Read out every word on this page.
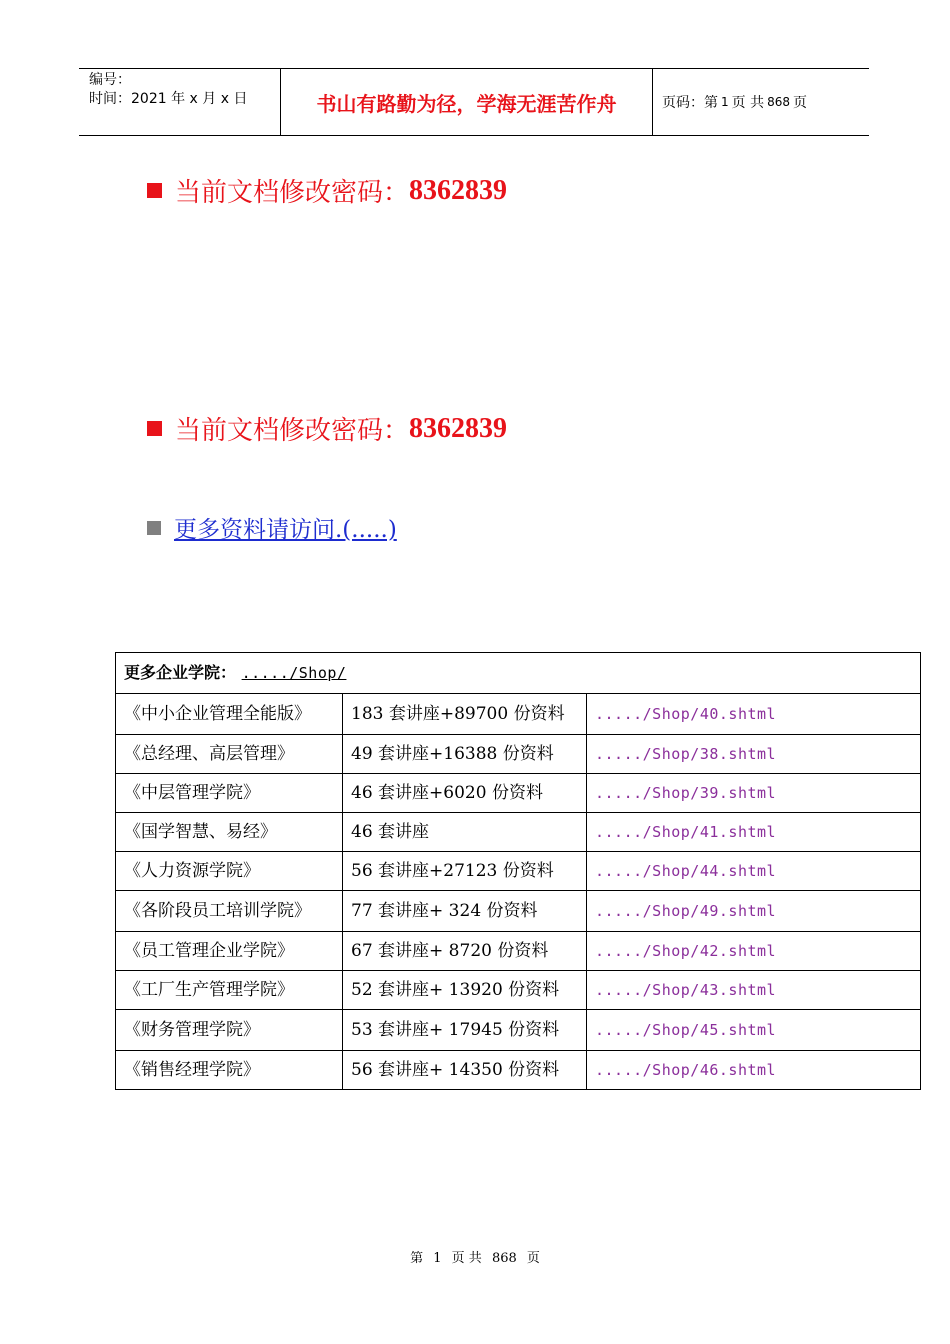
编号：
时间：2021 年 x 月 x 日	书山有路勤为径，学海无涯苦作舟	页码：第 1 页 共 868 页
当前文档修改密码： 8362839
当前文档修改密码： 8362839
更多资料请访问.(.....)
更多企业学院： ...../Shop/		
《中小企业管理全能版》	183 套讲座+89700 份资料	...../Shop/40.shtml
《总经理、高层管理》	49 套讲座+16388 份资料	...../Shop/38.shtml
《中层管理学院》	46 套讲座+6020 份资料	...../Shop/39.shtml
《国学智慧、易经》	46 套讲座	...../Shop/41.shtml
《人力资源学院》	56 套讲座+27123 份资料	...../Shop/44.shtml
《各阶段员工培训学院》	77 套讲座+ 324 份资料	...../Shop/49.shtml
《员工管理企业学院》	67 套讲座+ 8720 份资料	...../Shop/42.shtml
《工厂生产管理学院》	52 套讲座+ 13920 份资料	...../Shop/43.shtml
《财务管理学院》	53 套讲座+ 17945 份资料	...../Shop/45.shtml
《销售经理学院》	56 套讲座+ 14350 份资料	...../Shop/46.shtml
第 1 页 共 868 页
